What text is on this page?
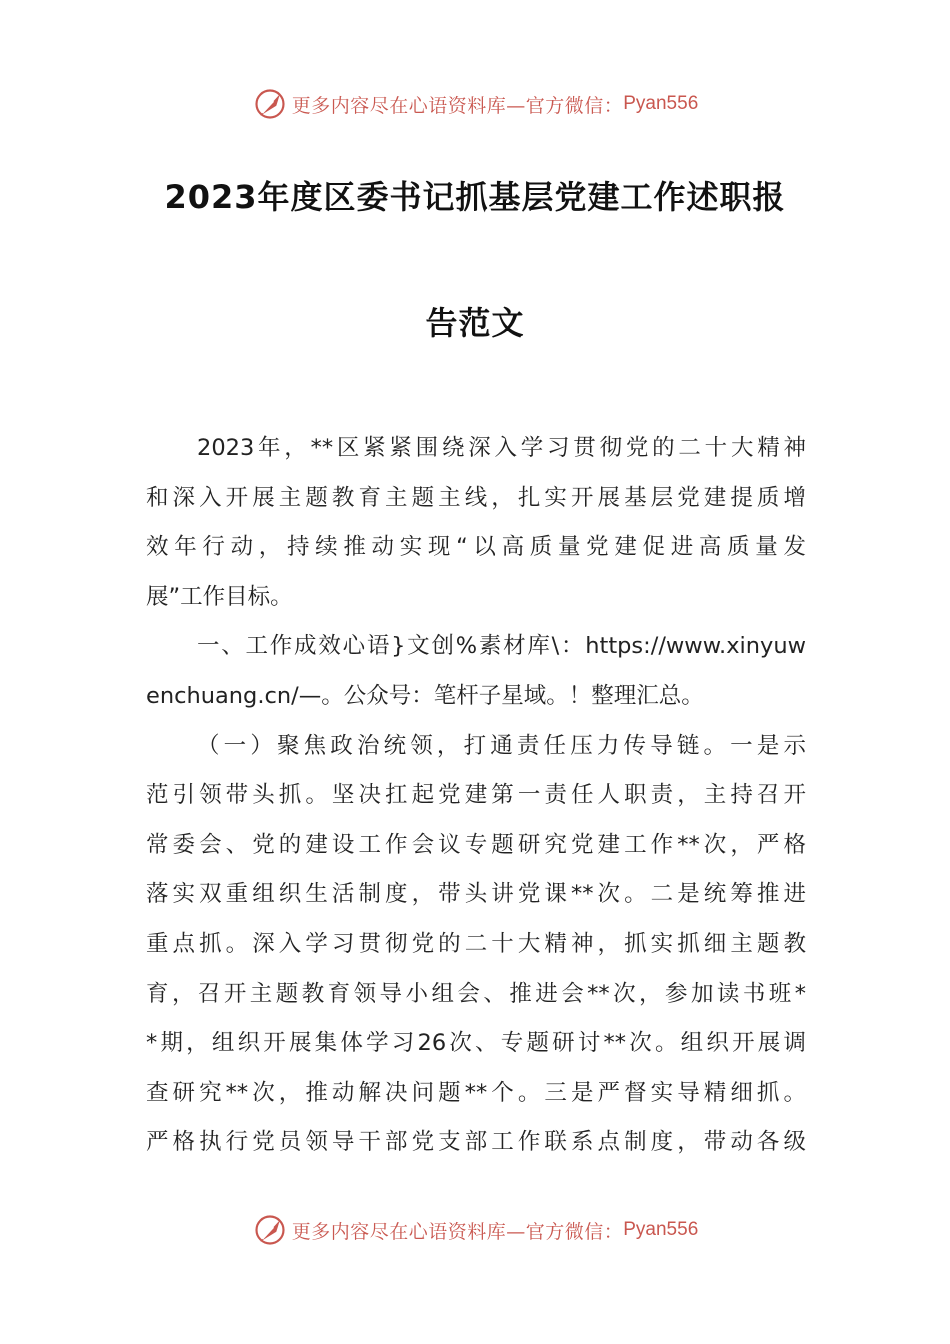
更多内容尽在心语资料库—官方微信： Pyan556
2023年度区委书记抓基层党建工作述职报
告范文
2023年，**区紧紧围绕深入学习贯彻党的二十大精神
和深入开展主题教育主题主线，扎实开展基层党建提质增
效年行动，持续推动实现“以高质量党建促进高质量发
展”工作目标。
一、工作成效心语}文创%素材库\：https://www.xinyuw
enchuang.cn/—。公众号：笔杆子星域。！整理汇总。
（一）聚焦政治统领，打通责任压力传导链。一是示
范引领带头抓。坚决扛起党建第一责任人职责，主持召开
常委会、党的建设工作会议专题研究党建工作**次，严格
落实双重组织生活制度，带头讲党课**次。二是统筹推进
重点抓。深入学习贯彻党的二十大精神，抓实抓细主题教
育，召开主题教育领导小组会、推进会**次，参加读书班*
*期，组织开展集体学习26次、专题研讨**次。组织开展调
查研究**次，推动解决问题**个。三是严督实导精细抓。
严格执行党员领导干部党支部工作联系点制度，带动各级
更多内容尽在心语资料库—官方微信： Pyan556
